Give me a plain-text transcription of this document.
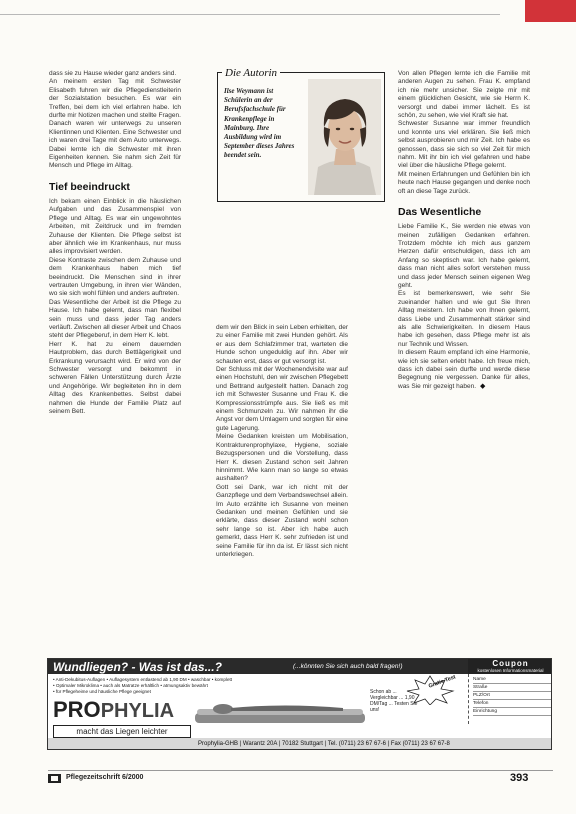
dass sie zu Hause wieder ganz anders sind.

An meinem ersten Tag mit Schwester Elisabeth fuhren wir die Pflegedienstleiterin der Sozialstation besuchen. Es war ein Treffen, bei dem ich viel erfahren habe. Ich durfte mir Notizen machen und stellte Fragen.

Danach waren wir unterwegs zu unseren Klientinnen und Klienten. Eine Schwester und ich waren drei Tage mit dem Auto unterwegs. Dabei lernte ich die Schwester mit ihren Eigenheiten kennen. Sie nahm sich Zeit für Mensch und Pflege im Alltag.

Tief beeindruckt

Ich bekam einen Einblick in die häuslichen Aufgaben und das Zusammenspiel von Pflege und Alltag. Es war ein ungewohntes Arbeiten, mit Zeitdruck und im fremden Zuhause der Klienten. Die Pflege selbst ist aber ähnlich wie im Krankenhaus, nur muss alles improvisiert werden.

Diese Kontraste zwischen dem Zuhause und dem Krankenhaus haben mich tief beeindruckt. Die Menschen sind in ihrer vertrauten Umgebung, in ihren vier Wänden, wo sie sich wohl fühlen und anders auftreten.

Das Wesentliche der Arbeit ist die Pflege zu Hause. Ich habe gelernt, dass man flexibel sein muss und dass jeder Tag anders verläuft. Zwischen all dieser Arbeit und Chaos steht der Pflegeberuf, in dem Herr K. lebt.

Herr K. hat zu einem dauernden Hautproblem, das durch Bettlägerigkeit und Erkrankung verursacht wird. Er wird von der Schwester versorgt und bekommt in schweren Fällen Unterstützung durch Ärzte und Angehörige. Wir begleiteten ihn in dem Alltag des Krankenbettes. Selbst dabei nahmen die Hunde der Familie Platz auf seinem Bett.

Die Autorin
Ilse Weymann ist Schülerin an der Berufsfachschule für Krankenpflege in Mainburg. Ihre Ausbildung wird im September dieses Jahres beendet sein.

dem wir den Blick in sein Leben erhielten, der zu einer Familie mit zwei Hunden gehört. Als er aus dem Schlafzimmer trat, warteten die Hunde schon ungeduldig auf ihn. Aber wir schauten erst, dass er gut versorgt ist.

Der Schluss mit der Wochenendvisite war auf einen Hochstuhl, den wir zwischen Pflegebett und Bettrand aufgestellt hatten. Danach zog ich mit Schwester Susanne und Frau K. die Kompressionsstrümpfe aus. Sie ließ es mit einem Schmunzeln zu. Wir nahmen ihr die Angst vor dem Umlagern und sorgten für eine gute Lagerung.

Meine Gedanken kreisten um Mobilisation, Kontrakturenprophylaxe, Hygiene, soziale Bezugspersonen und die Vorstellung, dass Herr K. diesen Zustand schon seit Jahren hinnimmt. Wie kann man so lange so etwas aushalten?

Gott sei Dank, war ich nicht mit der Ganzpflege und dem Verbandswechsel allein. Im Auto erzählte ich Susanne von meinen Gedanken und meinen Gefühlen und sie erklärte, dass dieser Zustand wohl schon sehr lange so ist. Aber ich habe auch gemerkt, dass Herr K. sehr zufrieden ist und seine Familie für ihn da ist. Er lässt sich nicht unterkriegen.

Von allen Pflegen lernte ich die Familie mit anderen Augen zu sehen. Frau K. empfand ich nie mehr unsicher. Sie zeigte mir mit einem glücklichen Gesicht, wie sie Herrn K. versorgt und dabei immer lächelt. Es ist schön, zu sehen, wie viel Kraft sie hat.

Schwester Susanne war immer freundlich und konnte uns viel erklären. Sie ließ mich selbst ausprobieren und mir Zeit. Ich habe es genossen, dass sie sich so viel Zeit für mich nahm. Mit ihr bin ich viel gefahren und habe viel über die häusliche Pflege gelernt.

Mit meinen Erfahrungen und Gefühlen bin ich heute nach Hause gegangen und denke noch oft an diese Tage zurück.

Das Wesentliche

Liebe Familie K., Sie werden nie etwas von meinen zufälligen Gedanken erfahren. Trotzdem möchte ich mich aus ganzem Herzen dafür entschuldigen, dass ich am Anfang so skeptisch war. Ich habe gelernt, dass man nicht alles sofort verstehen muss und dass jeder Mensch seinen eigenen Weg geht.

Es ist bemerkenswert, wie sehr Sie zueinander halten und wie gut Sie Ihren Alltag meistern. Ich habe von Ihnen gelernt, dass Liebe und Zusammenhalt stärker sind als alle Schwierigkeiten. In diesem Haus habe ich gesehen, dass Pflege mehr ist als nur Technik und Wissen.

In diesem Raum empfand ich eine Harmonie, wie ich sie selten erlebt habe. Ich freue mich, dass ich dabei sein durfte und werde diese Begegnung nie vergessen. Danke für alles, was Sie mir gezeigt haben. ◆

Wundliegen? - Was ist das...?	(...könnten Sie sich auch bald fragen!)	Coupon
kostenlosen Informationsmaterial
• Anti-Dekubitus-Auflagen • Auflagesystem entlastend ab 1,90 DM • waschbar • komplett
• Optimaler Mikroklima • auch als Matratze erhältlich • atmungsaktiv bewährt
• für Pflegeheime und häusliche Pflege geeignet
PROPHYLIA
macht das Liegen leichter
Schon ab ... Vergleichbar ... 1,90 DM/Tag ... Testen Sie uns!
Gratis Test	Name
Straße
PLZ/Ort
Telefon
Einrichtung
Prophylia-GHB | Warantz 20A | 70182 Stuttgart | Tel. (0711) 23 67 67-6 | Fax (0711) 23 67 67-8
Pflegezeitschrift 6/2000	393
